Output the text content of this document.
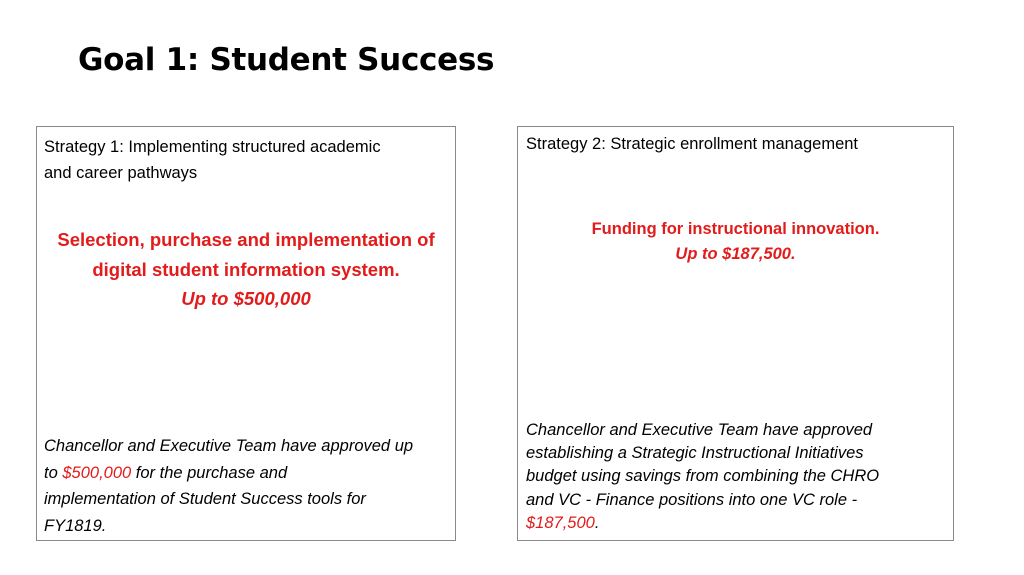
Goal 1: Student Success
Strategy 1: Implementing structured academic
and career pathways
Selection, purchase and implementation of
digital student information system.
Up to $500,000
Chancellor and Executive Team have approved up
to $500,000 for the purchase and
implementation of Student Success tools for
FY1819.
Strategy 2: Strategic enrollment management
Funding for instructional innovation.
Up to $187,500.
Chancellor and Executive Team have approved
establishing a Strategic Instructional Initiatives
budget using savings from combining the CHRO
and VC - Finance positions into one VC role -
$187,500.
